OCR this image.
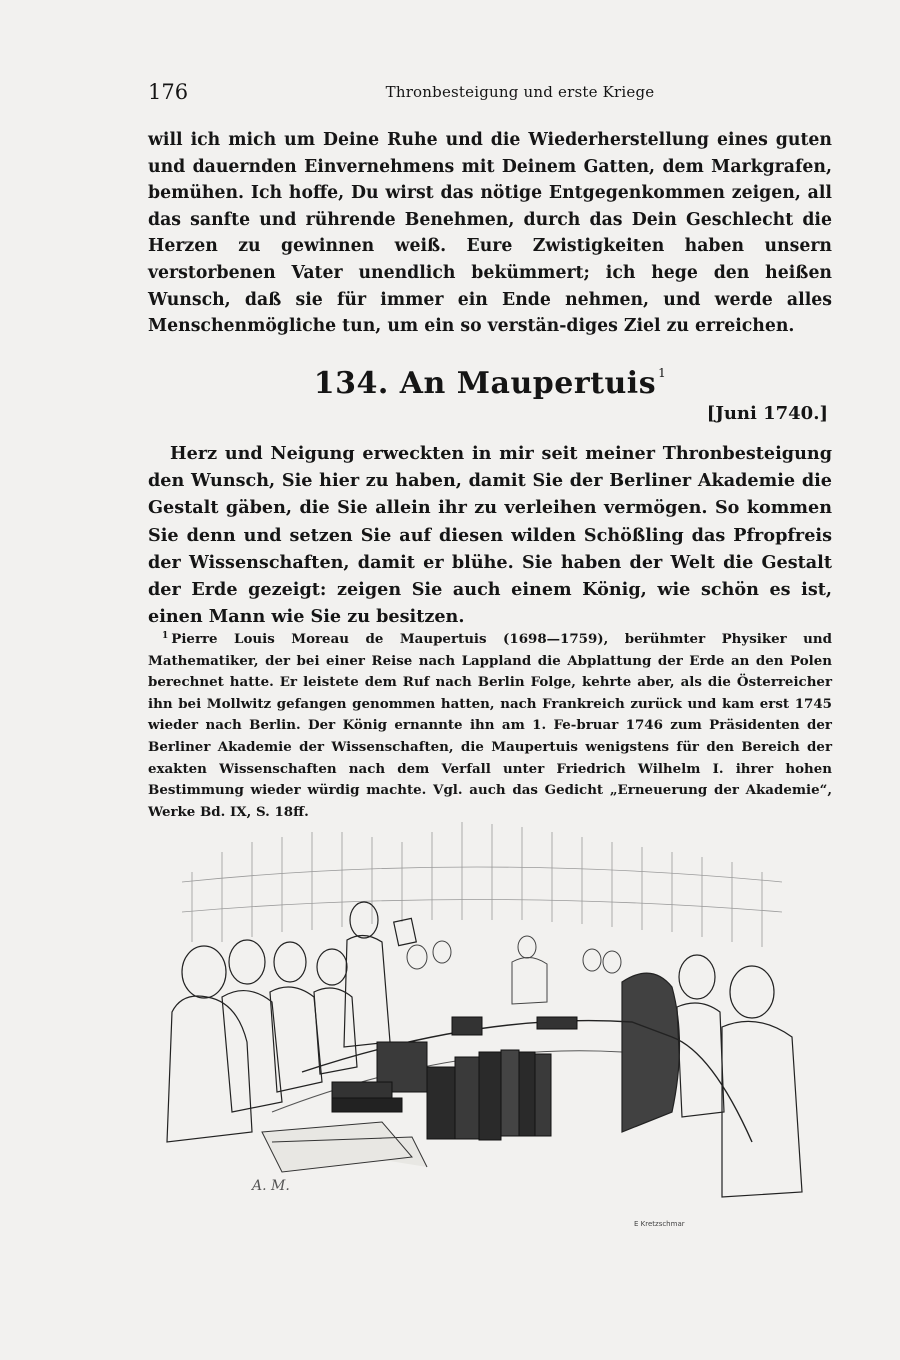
176	Thronbesteigung und erste Kriege

will ich mich um Deine Ruhe und die Wiederherstellung eines guten und dauernden Einvernehmens mit Deinem Gatten, dem Markgrafen, bemühen. Ich hoffe, Du wirst das nötige Entgegenkommen zeigen, all das sanfte und rührende Benehmen, durch das Dein Geschlecht die Herzen zu gewinnen weiß. Eure Zwistigkeiten haben unsern verstorbenen Vater unendlich bekümmert; ich hege den heißen Wunsch, daß sie für immer ein Ende nehmen, und werde alles Menschenmögliche tun, um ein so verstän-diges Ziel zu erreichen.

134. An Maupertuis $^1$
[Juni 1740.]

Herz und Neigung erweckten in mir seit meiner Thronbesteigung den Wunsch, Sie hier zu haben, damit Sie der Berliner Akademie die Gestalt gäben, die Sie allein ihr zu verleihen vermögen. So kommen Sie denn und setzen Sie auf diesen wilden Schößling das Pfropfreis der Wissenschaften, damit er blühe. Sie haben der Welt die Gestalt der Erde gezeigt: zeigen Sie auch einem König, wie schön es ist, einen Mann wie Sie zu besitzen.

$^1$ Pierre Louis Moreau de Maupertuis (1698—1759), berühmter Physiker und Mathematiker, der bei einer Reise nach Lappland die Abplattung der Erde an den Polen berechnet hatte. Er leistete dem Ruf nach Berlin Folge, kehrte aber, als die Österreicher ihn bei Mollwitz gefangen genommen hatten, nach Frankreich zurück und kam erst 1745 wieder nach Berlin. Der König ernannte ihn am 1. Fe-bruar 1746 zum Präsidenten der Berliner Akademie der Wissenschaften, die Maupertuis wenigstens für den Bereich der exakten Wissenschaften nach dem Verfall unter Friedrich Wilhelm I. ihrer hohen Bestimmung wieder würdig machte. Vgl. auch das Gedicht „Erneuerung der Akademie“, Werke Bd. IX, S. 18ff.

A. M.
E Kretzschmar
